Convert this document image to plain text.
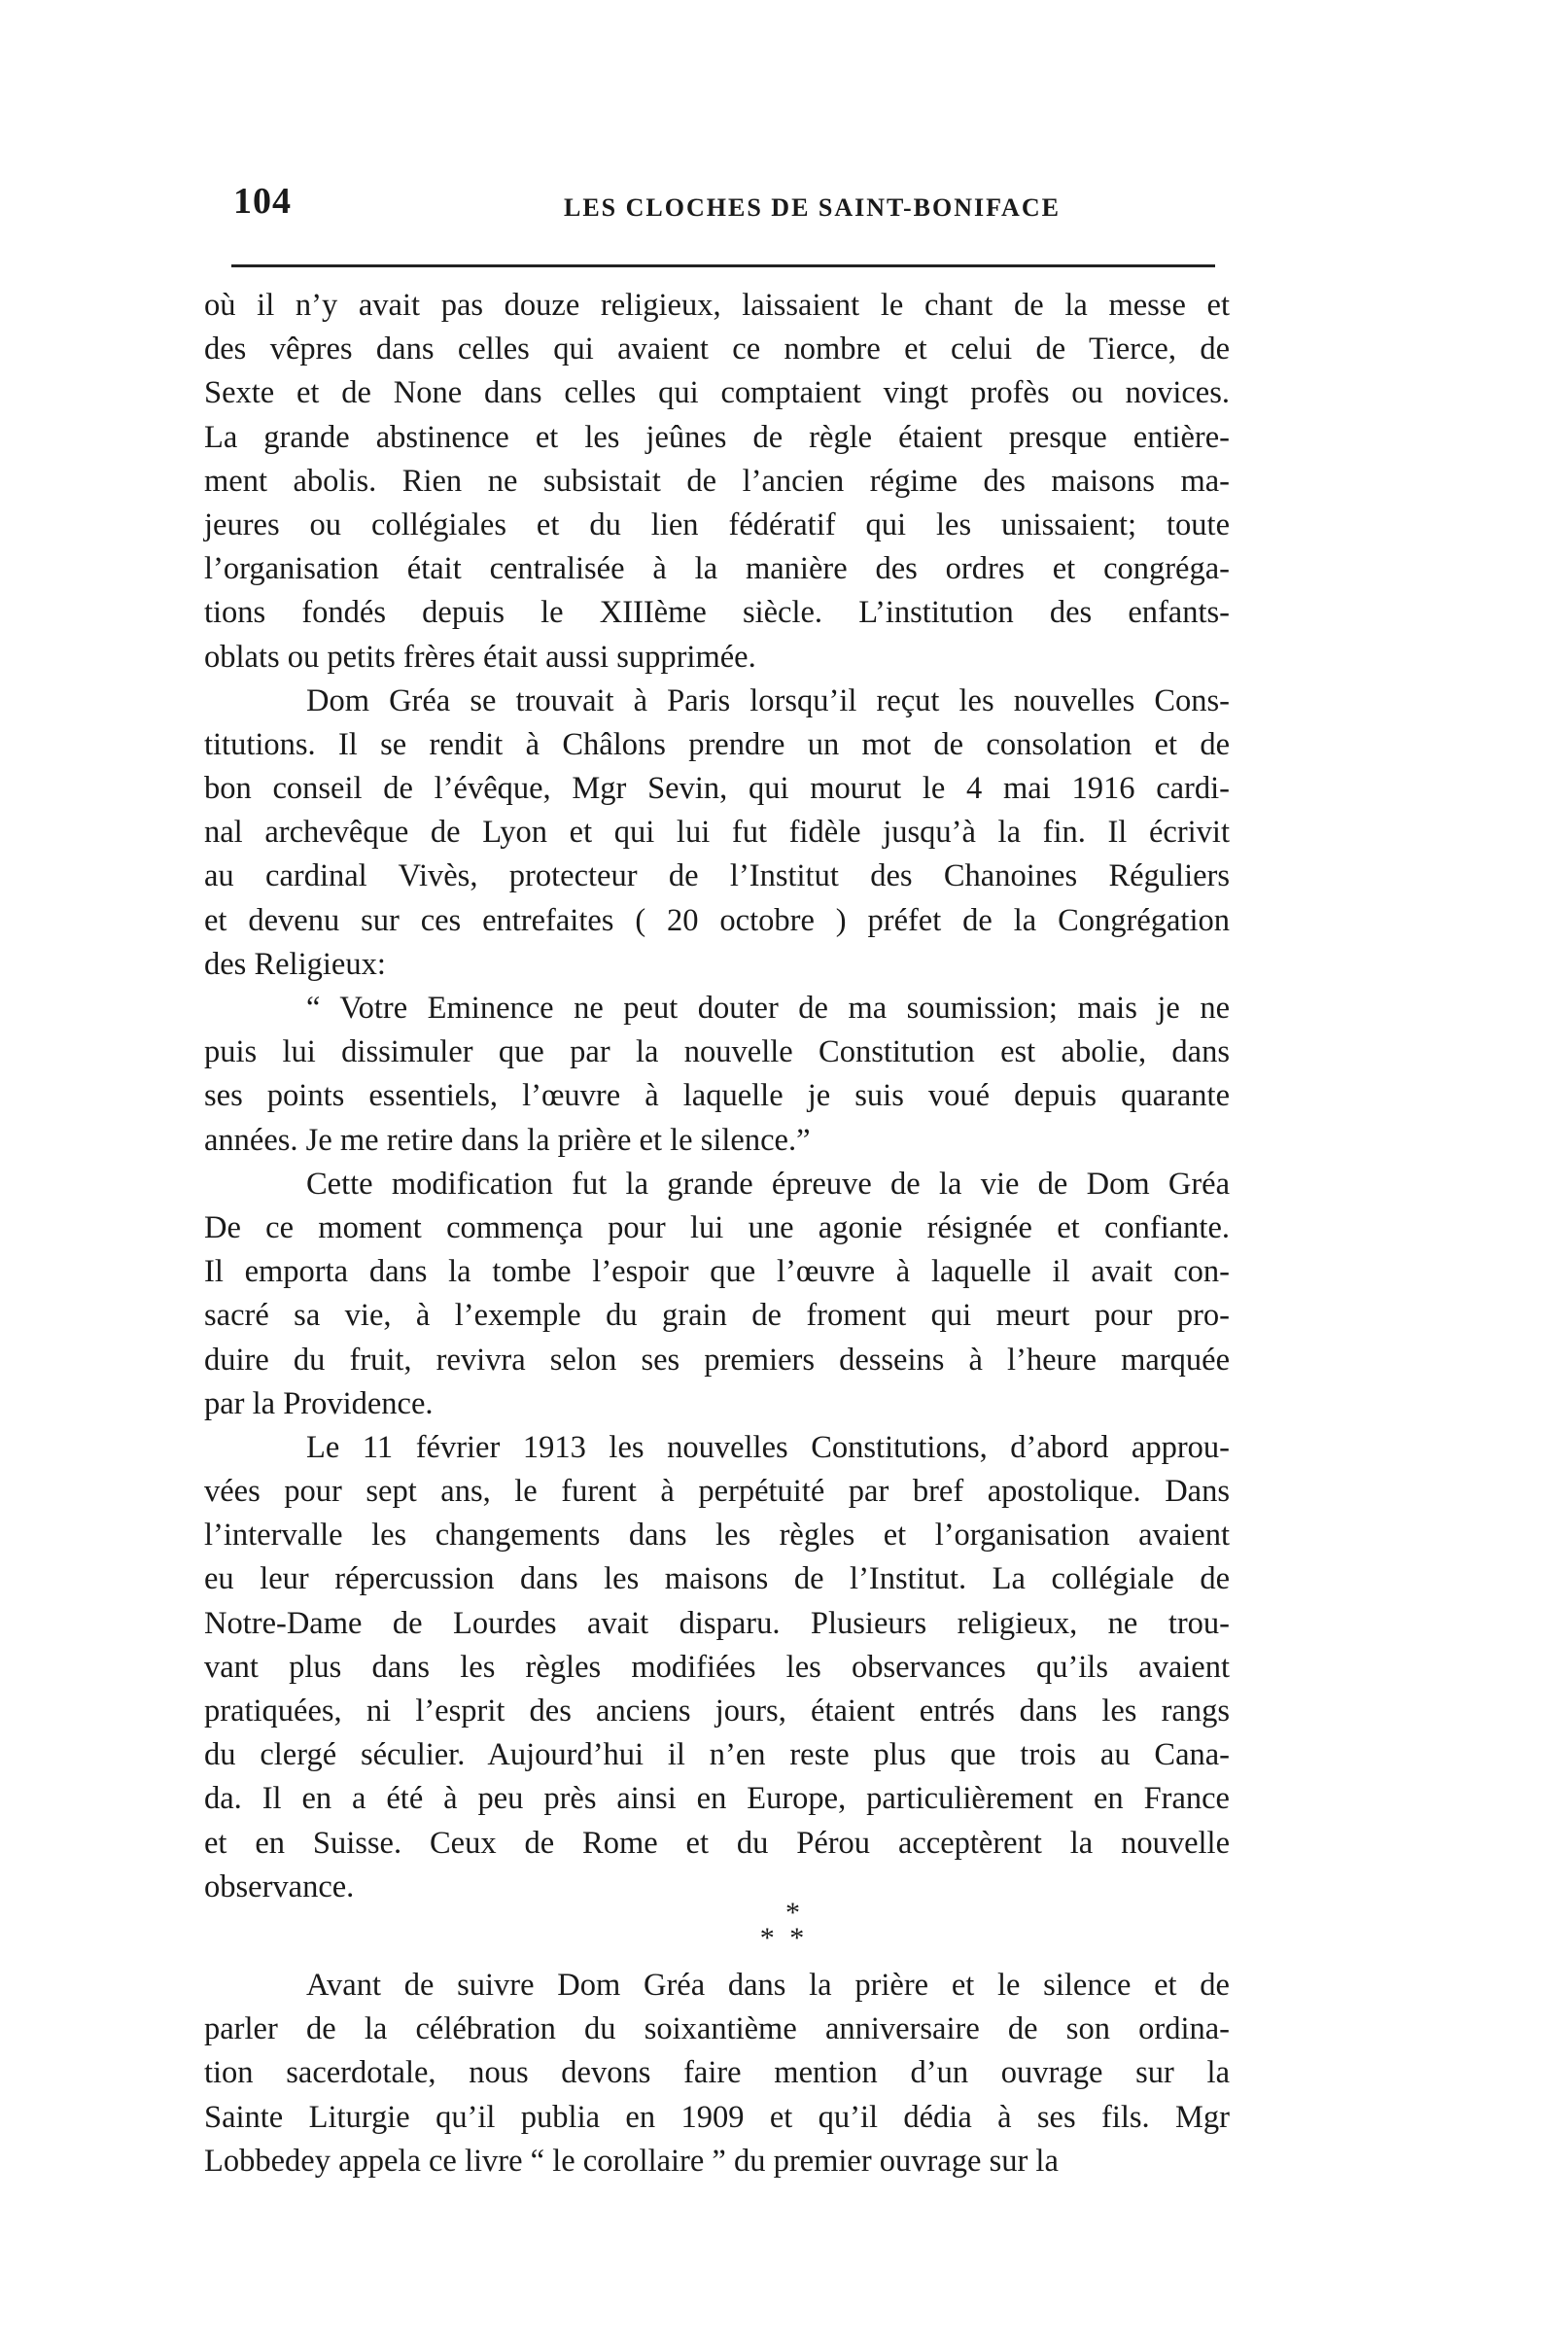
104	LES CLOCHES DE SAINT-BONIFACE
où il n’y avait pas douze religieux, laissaient le chant de la messe et
des vêpres dans celles qui avaient ce nombre et celui de Tierce, de
Sexte et de None dans celles qui comptaient vingt profès ou novices.
La grande abstinence et les jeûnes de règle étaient presque entière-
ment abolis. Rien ne subsistait de l’ancien régime des maisons ma-
jeures ou collégiales et du lien fédératif qui les unissaient; toute
l’organisation était centralisée à la manière des ordres et congréga-
tions fondés depuis le XIIIème siècle. L’institution des enfants-
oblats ou petits frères était aussi supprimée.
Dom Gréa se trouvait à Paris lorsqu’il reçut les nouvelles Cons-
titutions. Il se rendit à Châlons prendre un mot de consolation et de
bon conseil de l’évêque, Mgr Sevin, qui mourut le 4 mai 1916 cardi-
nal archevêque de Lyon et qui lui fut fidèle jusqu’à la fin. Il écrivit
au cardinal Vivès, protecteur de l’Institut des Chanoines Réguliers
et devenu sur ces entrefaites ( 20 octobre ) préfet de la Congrégation
des Religieux:
“ Votre Eminence ne peut douter de ma soumission; mais je ne
puis lui dissimuler que par la nouvelle Constitution est abolie, dans
ses points essentiels, l’œuvre à laquelle je suis voué depuis quarante
années. Je me retire dans la prière et le silence.”
Cette modification fut la grande épreuve de la vie de Dom Gréa
De ce moment commença pour lui une agonie résignée et confiante.
Il emporta dans la tombe l’espoir que l’œuvre à laquelle il avait con-
sacré sa vie, à l’exemple du grain de froment qui meurt pour pro-
duire du fruit, revivra selon ses premiers desseins à l’heure marquée
par la Providence.
Le 11 février 1913 les nouvelles Constitutions, d’abord approu-
vées pour sept ans, le furent à perpétuité par bref apostolique. Dans
l’intervalle les changements dans les règles et l’organisation avaient
eu leur répercussion dans les maisons de l’Institut. La collégiale de
Notre-Dame de Lourdes avait disparu. Plusieurs religieux, ne trou-
vant plus dans les règles modifiées les observances qu’ils avaient
pratiquées, ni l’esprit des anciens jours, étaient entrés dans les rangs
du clergé séculier. Aujourd’hui il n’en reste plus que trois au Cana-
da. Il en a été à peu près ainsi en Europe, particulièrement en France
et en Suisse. Ceux de Rome et du Pérou acceptèrent la nouvelle
observance.
*
* *
Avant de suivre Dom Gréa dans la prière et le silence et de
parler de la célébration du soixantième anniversaire de son ordina-
tion sacerdotale, nous devons faire mention d’un ouvrage sur la
Sainte Liturgie qu’il publia en 1909 et qu’il dédia à ses fils. Mgr
Lobbedey appela ce livre “ le corollaire ” du premier ouvrage sur la
